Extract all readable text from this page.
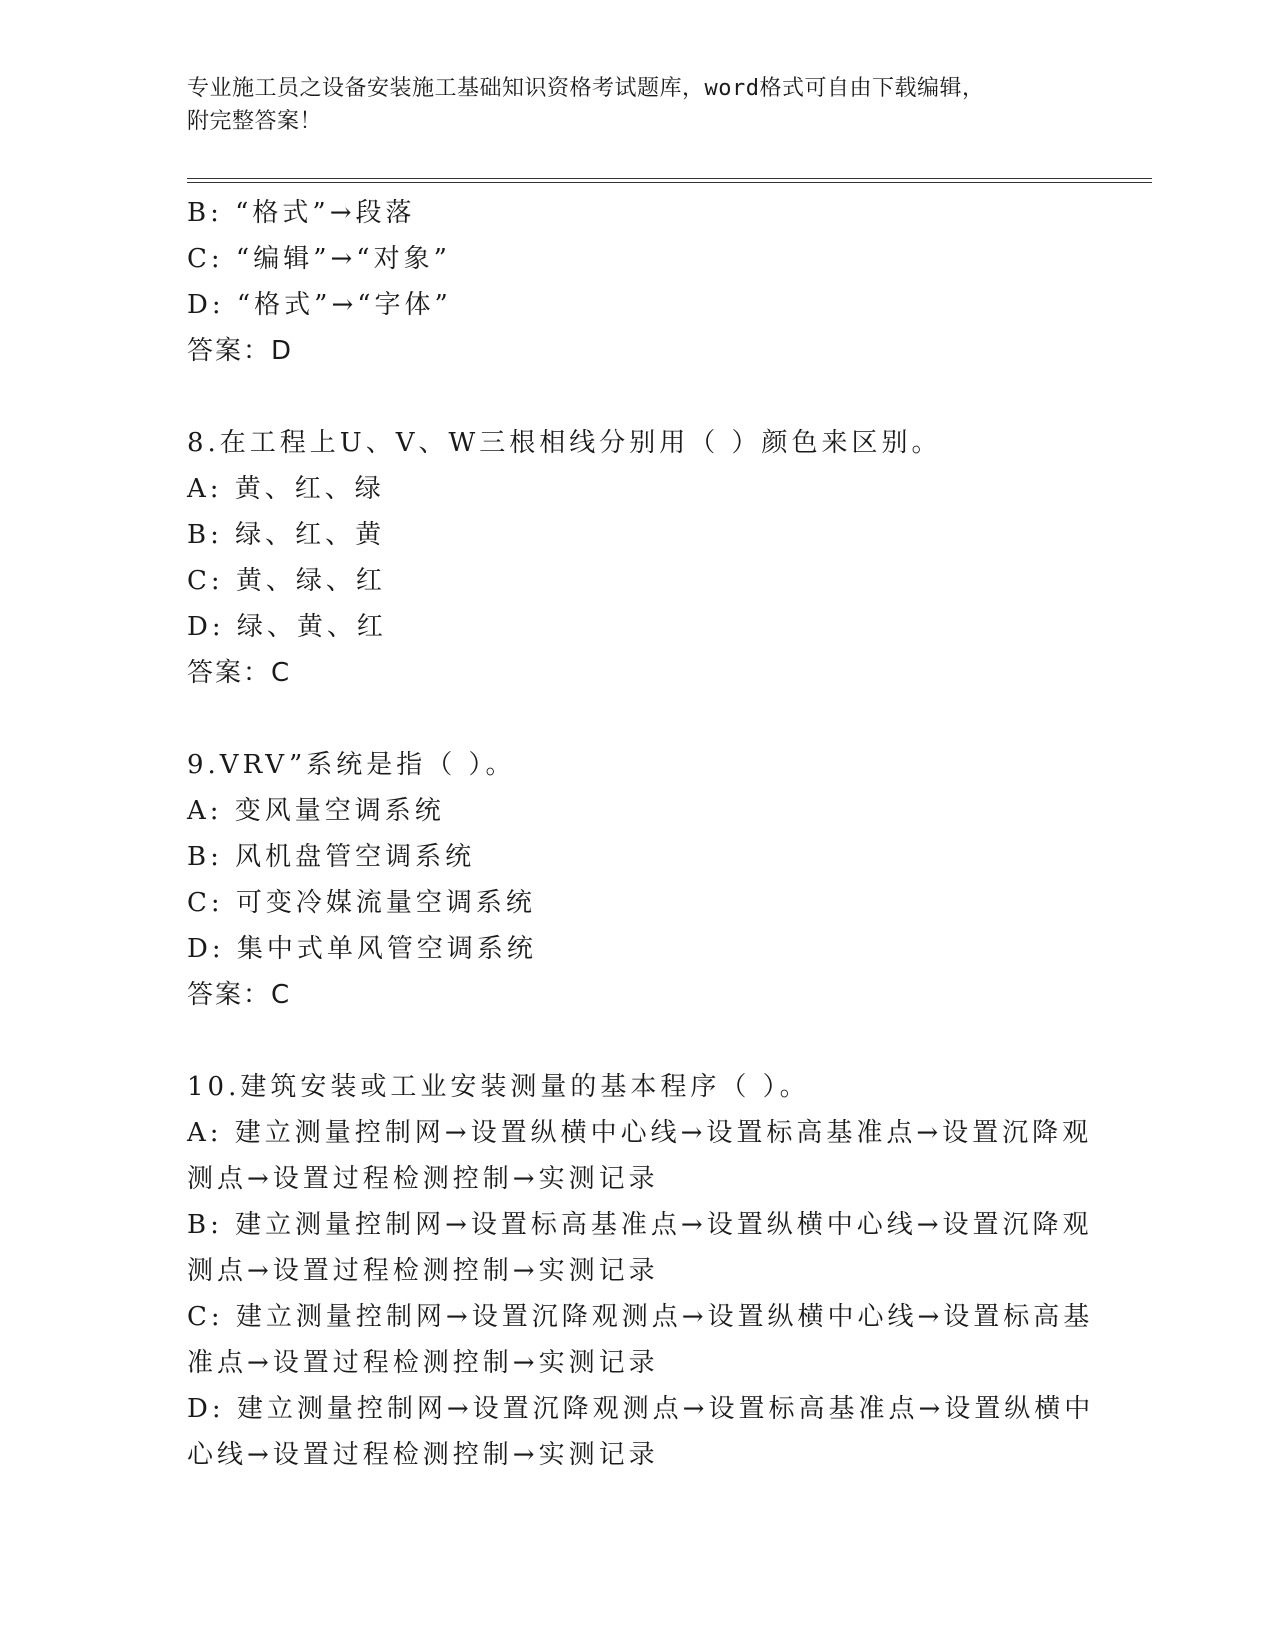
专业施工员之设备安装施工基础知识资格考试题库，word格式可自由下载编辑，
附完整答案！
B: “格式”→段落
C: “编辑”→“对象”
D: “格式”→“字体”
答案：D
8.在工程上U、V、W三根相线分别用（ ）颜色来区别。
A: 黄、红、绿
B: 绿、红、黄
C: 黄、绿、红
D: 绿、黄、红
答案：C
9.VRV”系统是指（ ）。
A: 变风量空调系统
B: 风机盘管空调系统
C: 可变冷媒流量空调系统
D: 集中式单风管空调系统
答案：C
10.建筑安装或工业安装测量的基本程序（ ）。
A: 建立测量控制网→设置纵横中心线→设置标高基准点→设置沉降观
测点→设置过程检测控制→实测记录
B: 建立测量控制网→设置标高基准点→设置纵横中心线→设置沉降观
测点→设置过程检测控制→实测记录
C: 建立测量控制网→设置沉降观测点→设置纵横中心线→设置标高基
准点→设置过程检测控制→实测记录
D: 建立测量控制网→设置沉降观测点→设置标高基准点→设置纵横中
心线→设置过程检测控制→实测记录
